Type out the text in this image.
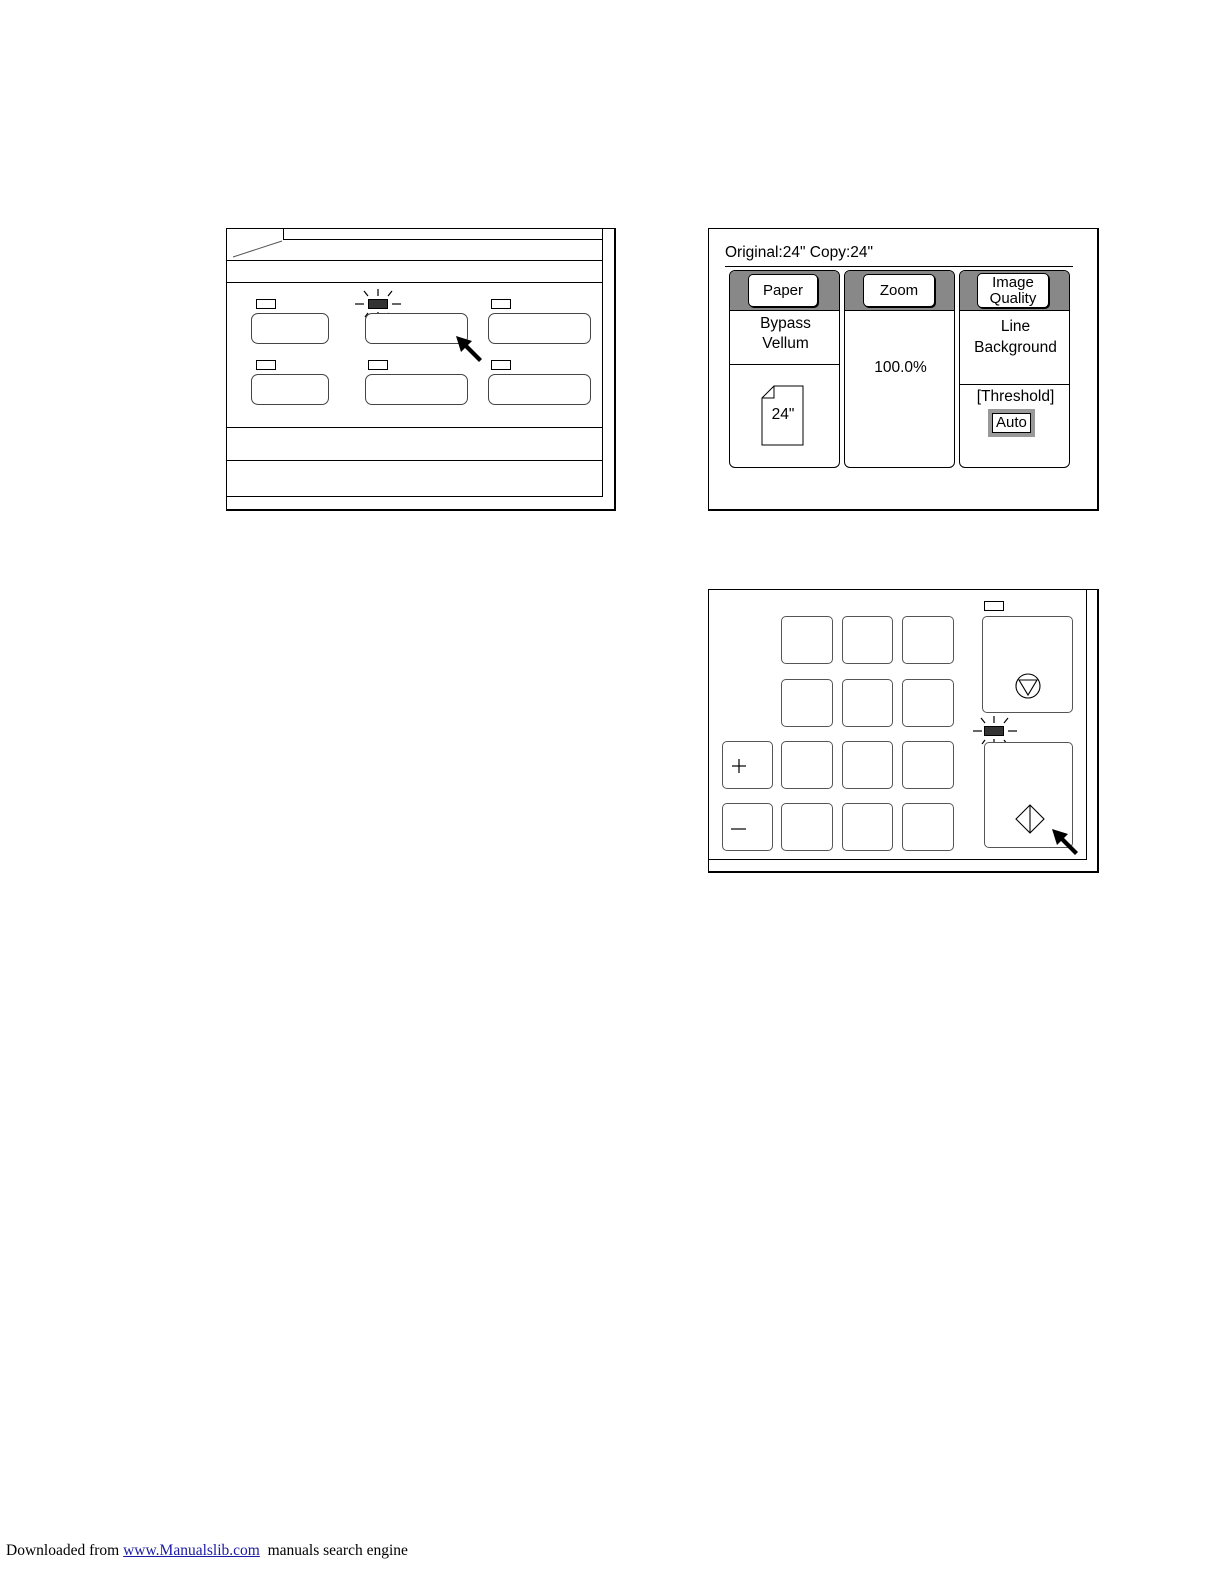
Original:24" Copy:24"
Paper
Bypass
Vellum
24"
Zoom
100.0%
Image
Quality
Line
Background
[Threshold]
Auto
Downloaded from www.Manualslib.com  manuals search engine
